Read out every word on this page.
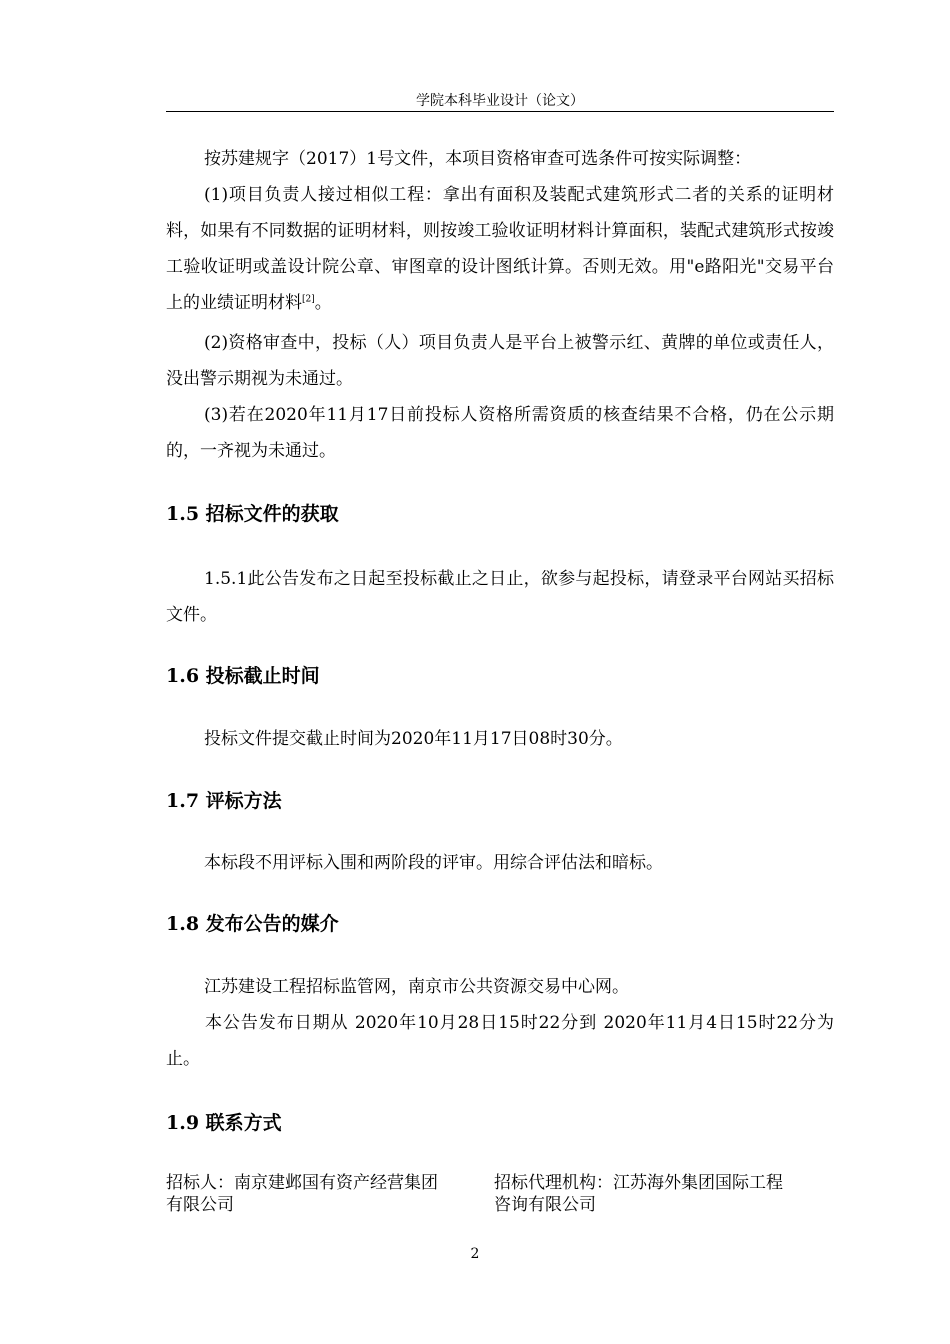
学院本科毕业设计（论文）
按苏建规字（2017）1号文件，本项目资格审查可选条件可按实际调整：
(1)项目负责人接过相似工程：拿出有面积及装配式建筑形式二者的关系的证明材料，如果有不同数据的证明材料，则按竣工验收证明材料计算面积，装配式建筑形式按竣工验收证明或盖设计院公章、审图章的设计图纸计算。否则无效。用"e路阳光"交易平台上的业绩证明材料[2]。
(2)资格审查中，投标（人）项目负责人是平台上被警示红、黄牌的单位或责任人，没出警示期视为未通过。
(3)若在2020年11月17日前投标人资格所需资质的核查结果不合格，仍在公示期的，一齐视为未通过。
1.5 招标文件的获取
1.5.1此公告发布之日起至投标截止之日止，欲参与起投标，请登录平台网站买招标文件。
1.6 投标截止时间
投标文件提交截止时间为2020年11月17日08时30分。
1.7 评标方法
本标段不用评标入围和两阶段的评审。用综合评估法和暗标。
1.8 发布公告的媒介
江苏建设工程招标监管网，南京市公共资源交易中心网。
本公告发布日期从 2020年10月28日15时22分到 2020年11月4日15时22分为止。
1.9 联系方式
招标人：南京建邺国有资产经营集团
有限公司
招标代理机构：江苏海外集团国际工程
咨询有限公司
2
